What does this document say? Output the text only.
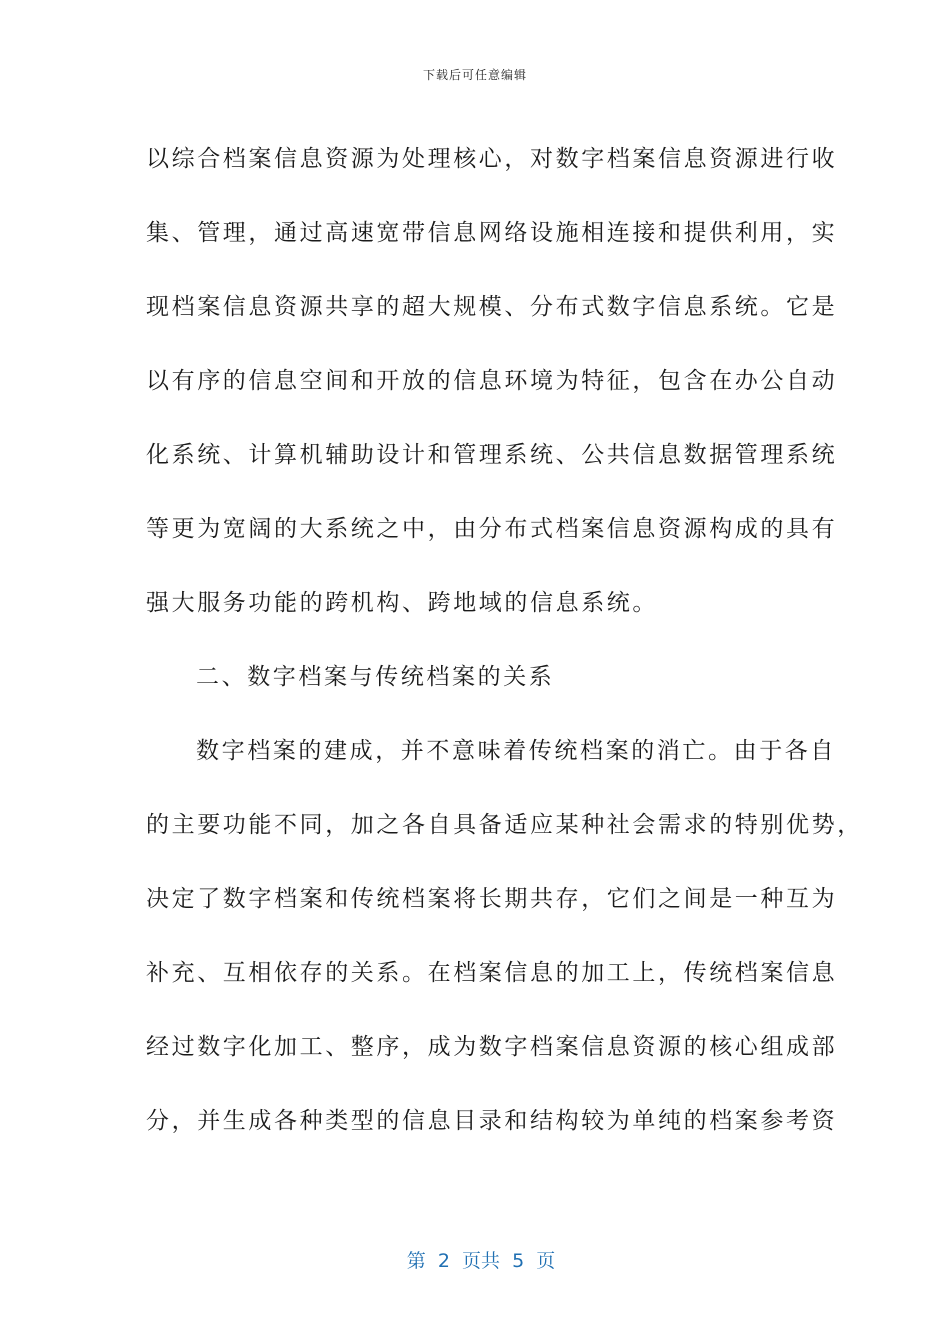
下载后可任意编辑
以综合档案信息资源为处理核心，对数字档案信息资源进行收
集、管理，通过高速宽带信息网络设施相连接和提供利用，实
现档案信息资源共享的超大规模、分布式数字信息系统。它是
以有序的信息空间和开放的信息环境为特征，包含在办公自动
化系统、计算机辅助设计和管理系统、公共信息数据管理系统
等更为宽阔的大系统之中，由分布式档案信息资源构成的具有
强大服务功能的跨机构、跨地域的信息系统。
二、数字档案与传统档案的关系
数字档案的建成，并不意味着传统档案的消亡。由于各自
的主要功能不同，加之各自具备适应某种社会需求的特别优势，
决定了数字档案和传统档案将长期共存，它们之间是一种互为
补充、互相依存的关系。在档案信息的加工上，传统档案信息
经过数字化加工、整序，成为数字档案信息资源的核心组成部
分，并生成各种类型的信息目录和结构较为单纯的档案参考资

第  2  页共  5  页
